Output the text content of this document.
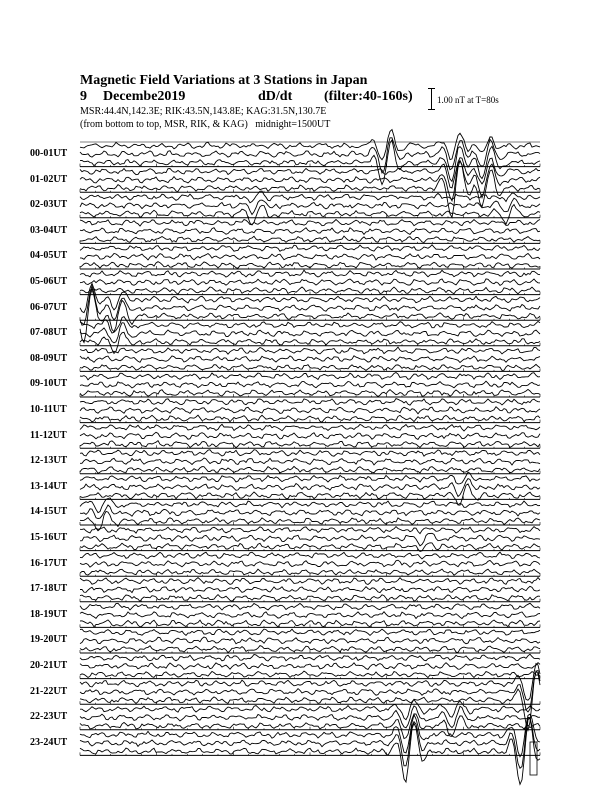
Magnetic Field Variations at 3 Stations in Japan
9 Decembe2019	dD/dt (filter:40-160s)
MSR:44.4N,142.3E; RIK:43.5N,143.8E; KAG:31.5N,130.7E
(from bottom to top, MSR, RIK, & KAG) midnight=1500UT
1.00 nT at T=80s
00-01UT
01-02UT
02-03UT
03-04UT
04-05UT
05-06UT
06-07UT
07-08UT
08-09UT
09-10UT
10-11UT
11-12UT
12-13UT
13-14UT
14-15UT
15-16UT
16-17UT
17-18UT
18-19UT
19-20UT
20-21UT
21-22UT
22-23UT
23-24UT
